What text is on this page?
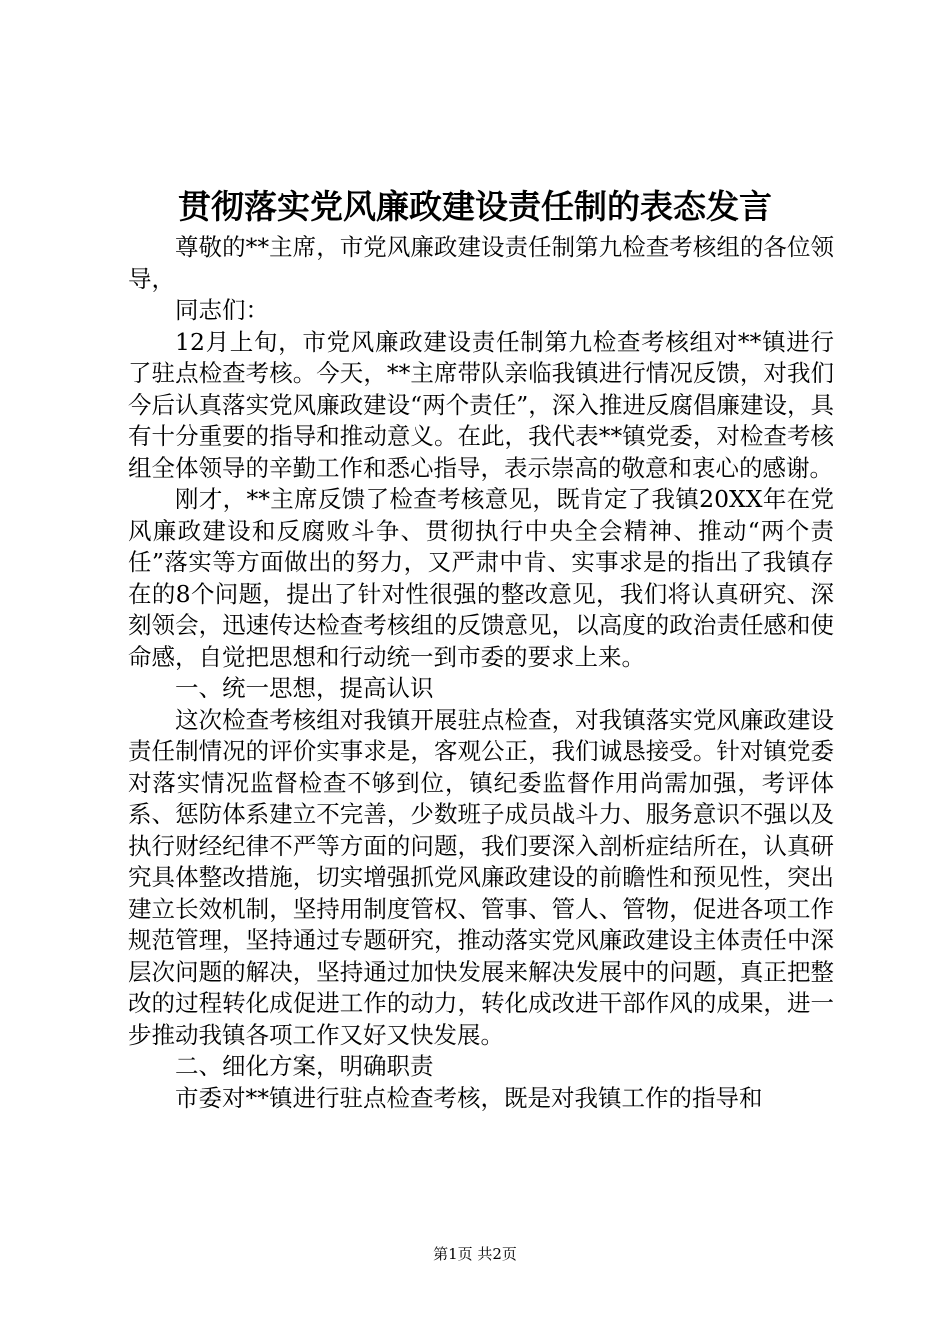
贯彻落实党风廉政建设责任制的表态发言

尊敬的**主席，市党风廉政建设责任制第九检查考核组的各位领导，

同志们：

12月上旬，市党风廉政建设责任制第九检查考核组对**镇进行了驻点检查考核。今天，**主席带队亲临我镇进行情况反馈，对我们今后认真落实党风廉政建设“两个责任”，深入推进反腐倡廉建设，具有十分重要的指导和推动意义。在此，我代表**镇党委，对检查考核组全体领导的辛勤工作和悉心指导，表示崇高的敬意和衷心的感谢。

刚才，**主席反馈了检查考核意见，既肯定了我镇20XX年在党风廉政建设和反腐败斗争、贯彻执行中央全会精神、推动“两个责任”落实等方面做出的努力，又严肃中肯、实事求是的指出了我镇存在的8个问题，提出了针对性很强的整改意见，我们将认真研究、深刻领会，迅速传达检查考核组的反馈意见，以高度的政治责任感和使命感，自觉把思想和行动统一到市委的要求上来。

一、统一思想，提高认识

这次检查考核组对我镇开展驻点检查，对我镇落实党风廉政建设责任制情况的评价实事求是，客观公正，我们诚恳接受。针对镇党委对落实情况监督检查不够到位，镇纪委监督作用尚需加强，考评体系、惩防体系建立不完善，少数班子成员战斗力、服务意识不强以及执行财经纪律不严等方面的问题，我们要深入剖析症结所在，认真研究具体整改措施，切实增强抓党风廉政建设的前瞻性和预见性，突出建立长效机制，坚持用制度管权、管事、管人、管物，促进各项工作规范管理，坚持通过专题研究，推动落实党风廉政建设主体责任中深层次问题的解决，坚持通过加快发展来解决发展中的问题，真正把整改的过程转化成促进工作的动力，转化成改进干部作风的成果，进一步推动我镇各项工作又好又快发展。

二、细化方案，明确职责

市委对**镇进行驻点检查考核，既是对我镇工作的指导和

第1页 共2页
